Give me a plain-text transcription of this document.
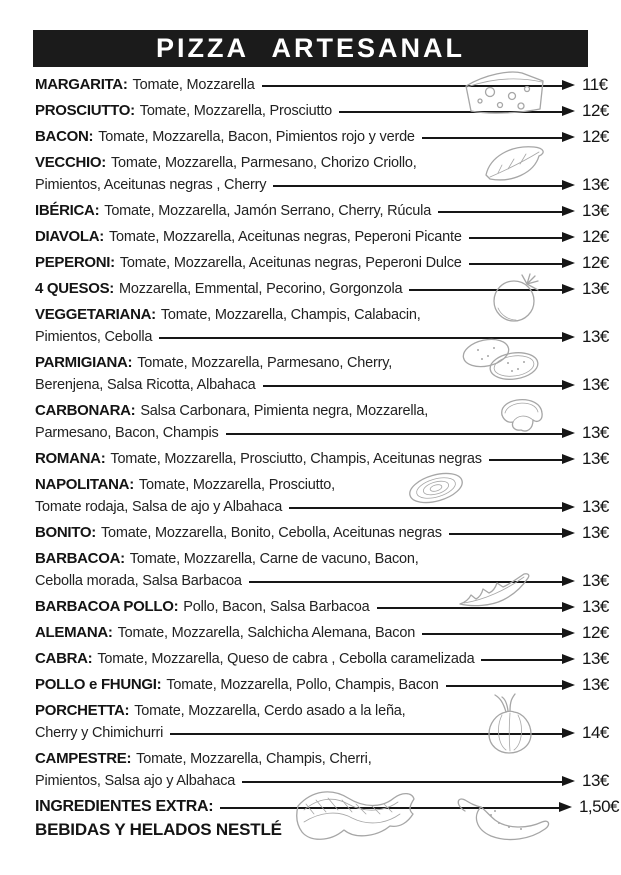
PIZZA ARTESANAL
MARGARITA: Tomate, Mozzarella	11€
PROSCIUTTO: Tomate, Mozzarella, Prosciutto	12€
BACON: Tomate, Mozzarella, Bacon, Pimientos rojo y verde	12€
VECCHIO: Tomate, Mozzarella, Parmesano, Chorizo Criollo,
Pimientos, Aceitunas negras , Cherry	13€
IBÉRICA: Tomate, Mozzarella, Jamón Serrano, Cherry, Rúcula	13€
DIAVOLA: Tomate, Mozzarella, Aceitunas negras, Peperoni Picante	12€
PEPERONI: Tomate, Mozzarella, Aceitunas negras, Peperoni Dulce	12€
4 QUESOS: Mozzarella, Emmental, Pecorino, Gorgonzola	13€
VEGGETARIANA: Tomate, Mozzarella, Champis, Calabacin,
Pimientos, Cebolla	13€
PARMIGIANA: Tomate, Mozzarella, Parmesano, Cherry,
Berenjena, Salsa Ricotta, Albahaca	13€
CARBONARA: Salsa Carbonara, Pimienta negra, Mozzarella,
Parmesano, Bacon, Champis	13€
ROMANA: Tomate, Mozzarella, Prosciutto, Champis, Aceitunas negras	13€
NAPOLITANA: Tomate, Mozzarella, Prosciutto,
Tomate rodaja, Salsa de ajo y Albahaca	13€
BONITO: Tomate, Mozzarella, Bonito, Cebolla, Aceitunas negras	13€
BARBACOA: Tomate, Mozzarella, Carne de vacuno, Bacon,
Cebolla morada, Salsa Barbacoa	13€
BARBACOA POLLO: Pollo, Bacon, Salsa Barbacoa	13€
ALEMANA: Tomate, Mozzarella, Salchicha Alemana, Bacon	12€
CABRA: Tomate, Mozzarella, Queso de cabra , Cebolla caramelizada	13€
POLLO e FHUNGI: Tomate, Mozzarella, Pollo, Champis, Bacon	13€
PORCHETTA: Tomate, Mozzarella, Cerdo asado a la leña,
Cherry y Chimichurri	14€
CAMPESTRE: Tomate, Mozzarella, Champis, Cherri,
Pimientos, Salsa ajo y Albahaca	13€
INGREDIENTES EXTRA:	1,50€
BEBIDAS Y HELADOS NESTLÉ
